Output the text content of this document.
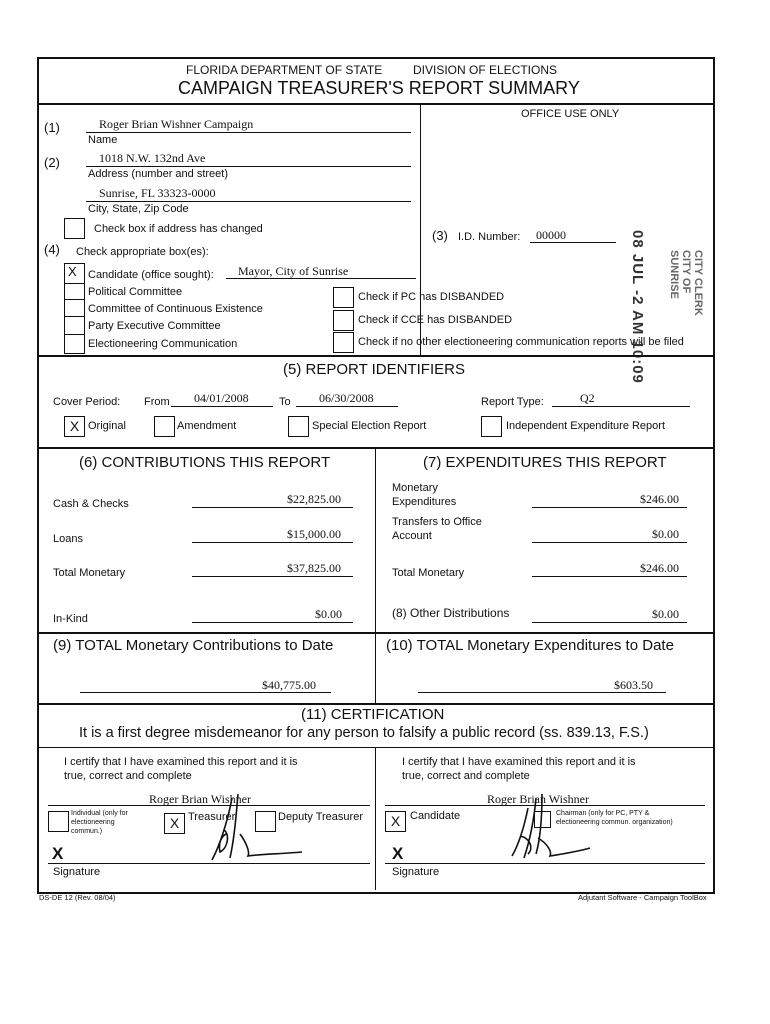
FLORIDA DEPARTMENT OF STATE	DIVISION OF ELECTIONS
CAMPAIGN TREASURER'S REPORT SUMMARY
OFFICE USE ONLY
(1)	Roger Brian Wishner Campaign
Name
(2)	1018 N.W. 132nd Ave
Address (number and street)
Sunrise, FL 33323-0000
City, State, Zip Code
Check box if address has changed	(3) I.D. Number: 00000
(4) Check appropriate box(es):
X Candidate (office sought): Mayor, City of Sunrise
Political Committee
Committee of Continuous Existence
Party Executive Committee
Electioneering Communication
Check if PC has DISBANDED
Check if CCE has DISBANDED
Check if no other electioneering communication reports will be filed
08 JUL -2 AM 10:09	CITY CLERK CITY OF SUNRISE
(5) REPORT IDENTIFIERS
Cover Period: From 04/01/2008	To 06/30/2008	Report Type:	Q2
X Original	Amendment	Special Election Report	Independent Expenditure Report
(6) CONTRIBUTIONS THIS REPORT
Cash & Checks	$22,825.00
Loans	$15,000.00
Total Monetary	$37,825.00
In-Kind	$0.00
(7) EXPENDITURES THIS REPORT
Monetary
Expenditures	$246.00
Transfers to Office
Account	$0.00
Total Monetary	$246.00
(8) Other Distributions	$0.00
(9) TOTAL Monetary Contributions to Date
$40,775.00
(10) TOTAL Monetary Expenditures to Date
$603.50
(11) CERTIFICATION
It is a first degree misdemeanor for any person to falsify a public record (ss. 839.13, F.S.)
I certify that I have examined this report and it is
true, correct and complete
Roger Brian Wishner
Individual (only for
electioneering
commun.)
X Treasurer	Deputy Treasurer
X
Signature
I certify that I have examined this report and it is
true, correct and complete
Roger Brian Wishner
X Candidate	Chairman (only for PC, PTY &
electioneering commun. organization)
X
Signature
DS-DE 12 (Rev. 08/04)	Adjutant Software - Campaign ToolBox
